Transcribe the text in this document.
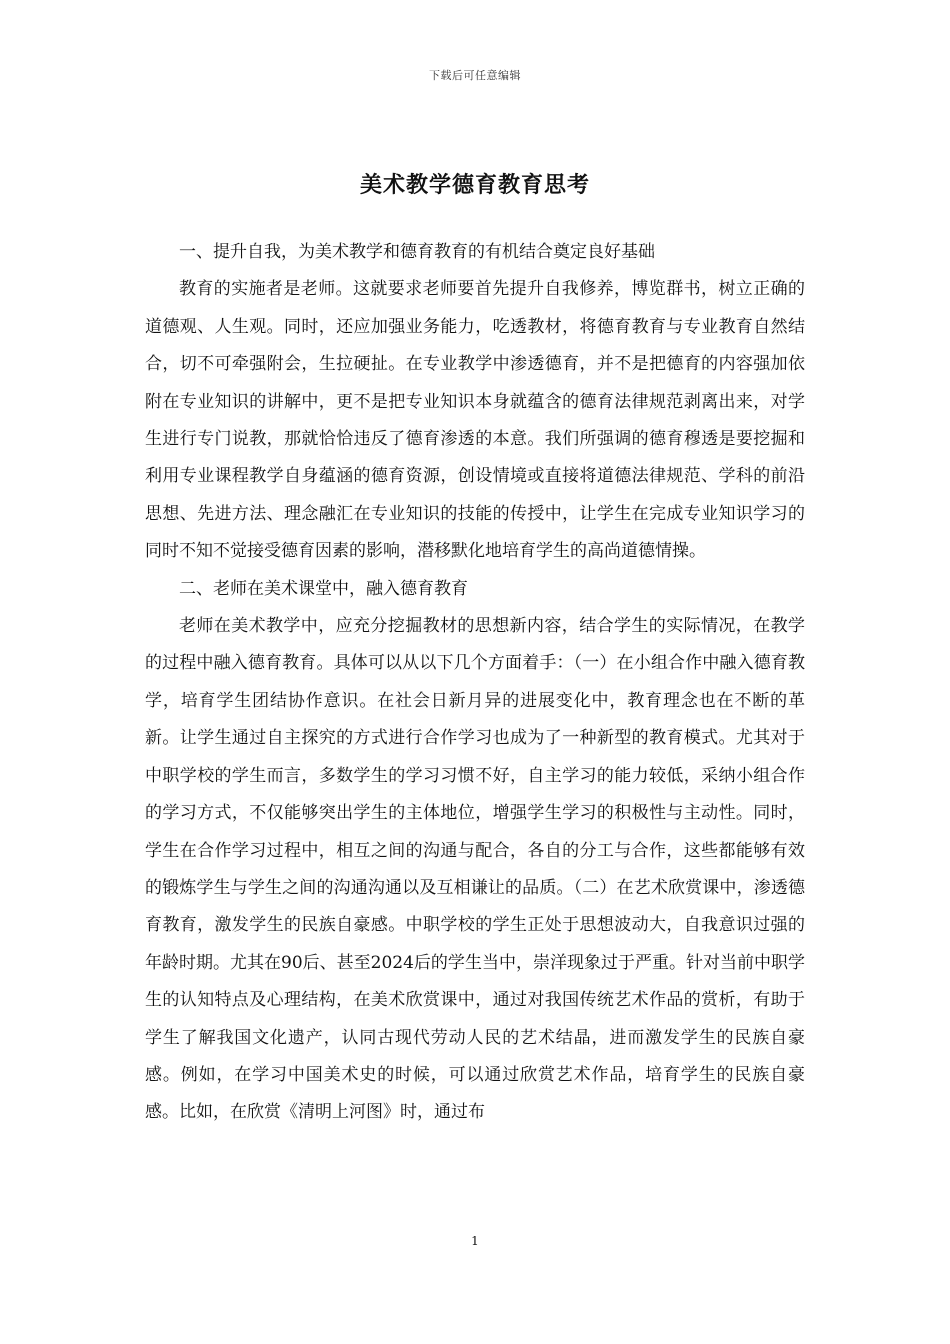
下载后可任意编辑
美术教学德育教育思考

一、提升自我，为美术教学和德育教育的有机结合奠定良好基础

教育的实施者是老师。这就要求老师要首先提升自我修养，博览群书，树立正确的道德观、人生观。同时，还应加强业务能力，吃透教材，将德育教育与专业教育自然结合，切不可牵强附会，生拉硬扯。在专业教学中渗透德育，并不是把德育的内容强加依附在专业知识的讲解中，更不是把专业知识本身就蕴含的德育法律规范剥离出来，对学生进行专门说教，那就恰恰违反了德育渗透的本意。我们所强调的德育穆透是要挖掘和利用专业课程教学自身蕴涵的德育资源，创设情境或直接将道德法律规范、学科的前沿思想、先进方法、理念融汇在专业知识的技能的传授中，让学生在完成专业知识学习的同时不知不觉接受德育因素的影响，潜移默化地培育学生的高尚道德情操。

二、老师在美术课堂中，融入德育教育

老师在美术教学中，应充分挖掘教材的思想新内容，结合学生的实际情况，在教学的过程中融入德育教育。具体可以从以下几个方面着手：（一）在小组合作中融入德育教学，培育学生团结协作意识。在社会日新月异的进展变化中，教育理念也在不断的革新。让学生通过自主探究的方式进行合作学习也成为了一种新型的教育模式。尤其对于中职学校的学生而言，多数学生的学习习惯不好，自主学习的能力较低，采纳小组合作的学习方式，不仅能够突出学生的主体地位，增强学生学习的积极性与主动性。同时，学生在合作学习过程中，相互之间的沟通与配合，各自的分工与合作，这些都能够有效的锻炼学生与学生之间的沟通沟通以及互相谦让的品质。（二）在艺术欣赏课中，渗透德育教育，激发学生的民族自豪感。中职学校的学生正处于思想波动大，自我意识过强的年龄时期。尤其在90后、甚至2024后的学生当中，崇洋现象过于严重。针对当前中职学生的认知特点及心理结构，在美术欣赏课中，通过对我国传统艺术作品的赏析，有助于学生了解我国文化遗产，认同古现代劳动人民的艺术结晶，进而激发学生的民族自豪感。例如，在学习中国美术史的时候，可以通过欣赏艺术作品，培育学生的民族自豪感。比如，在欣赏《清明上河图》时，通过布

1
